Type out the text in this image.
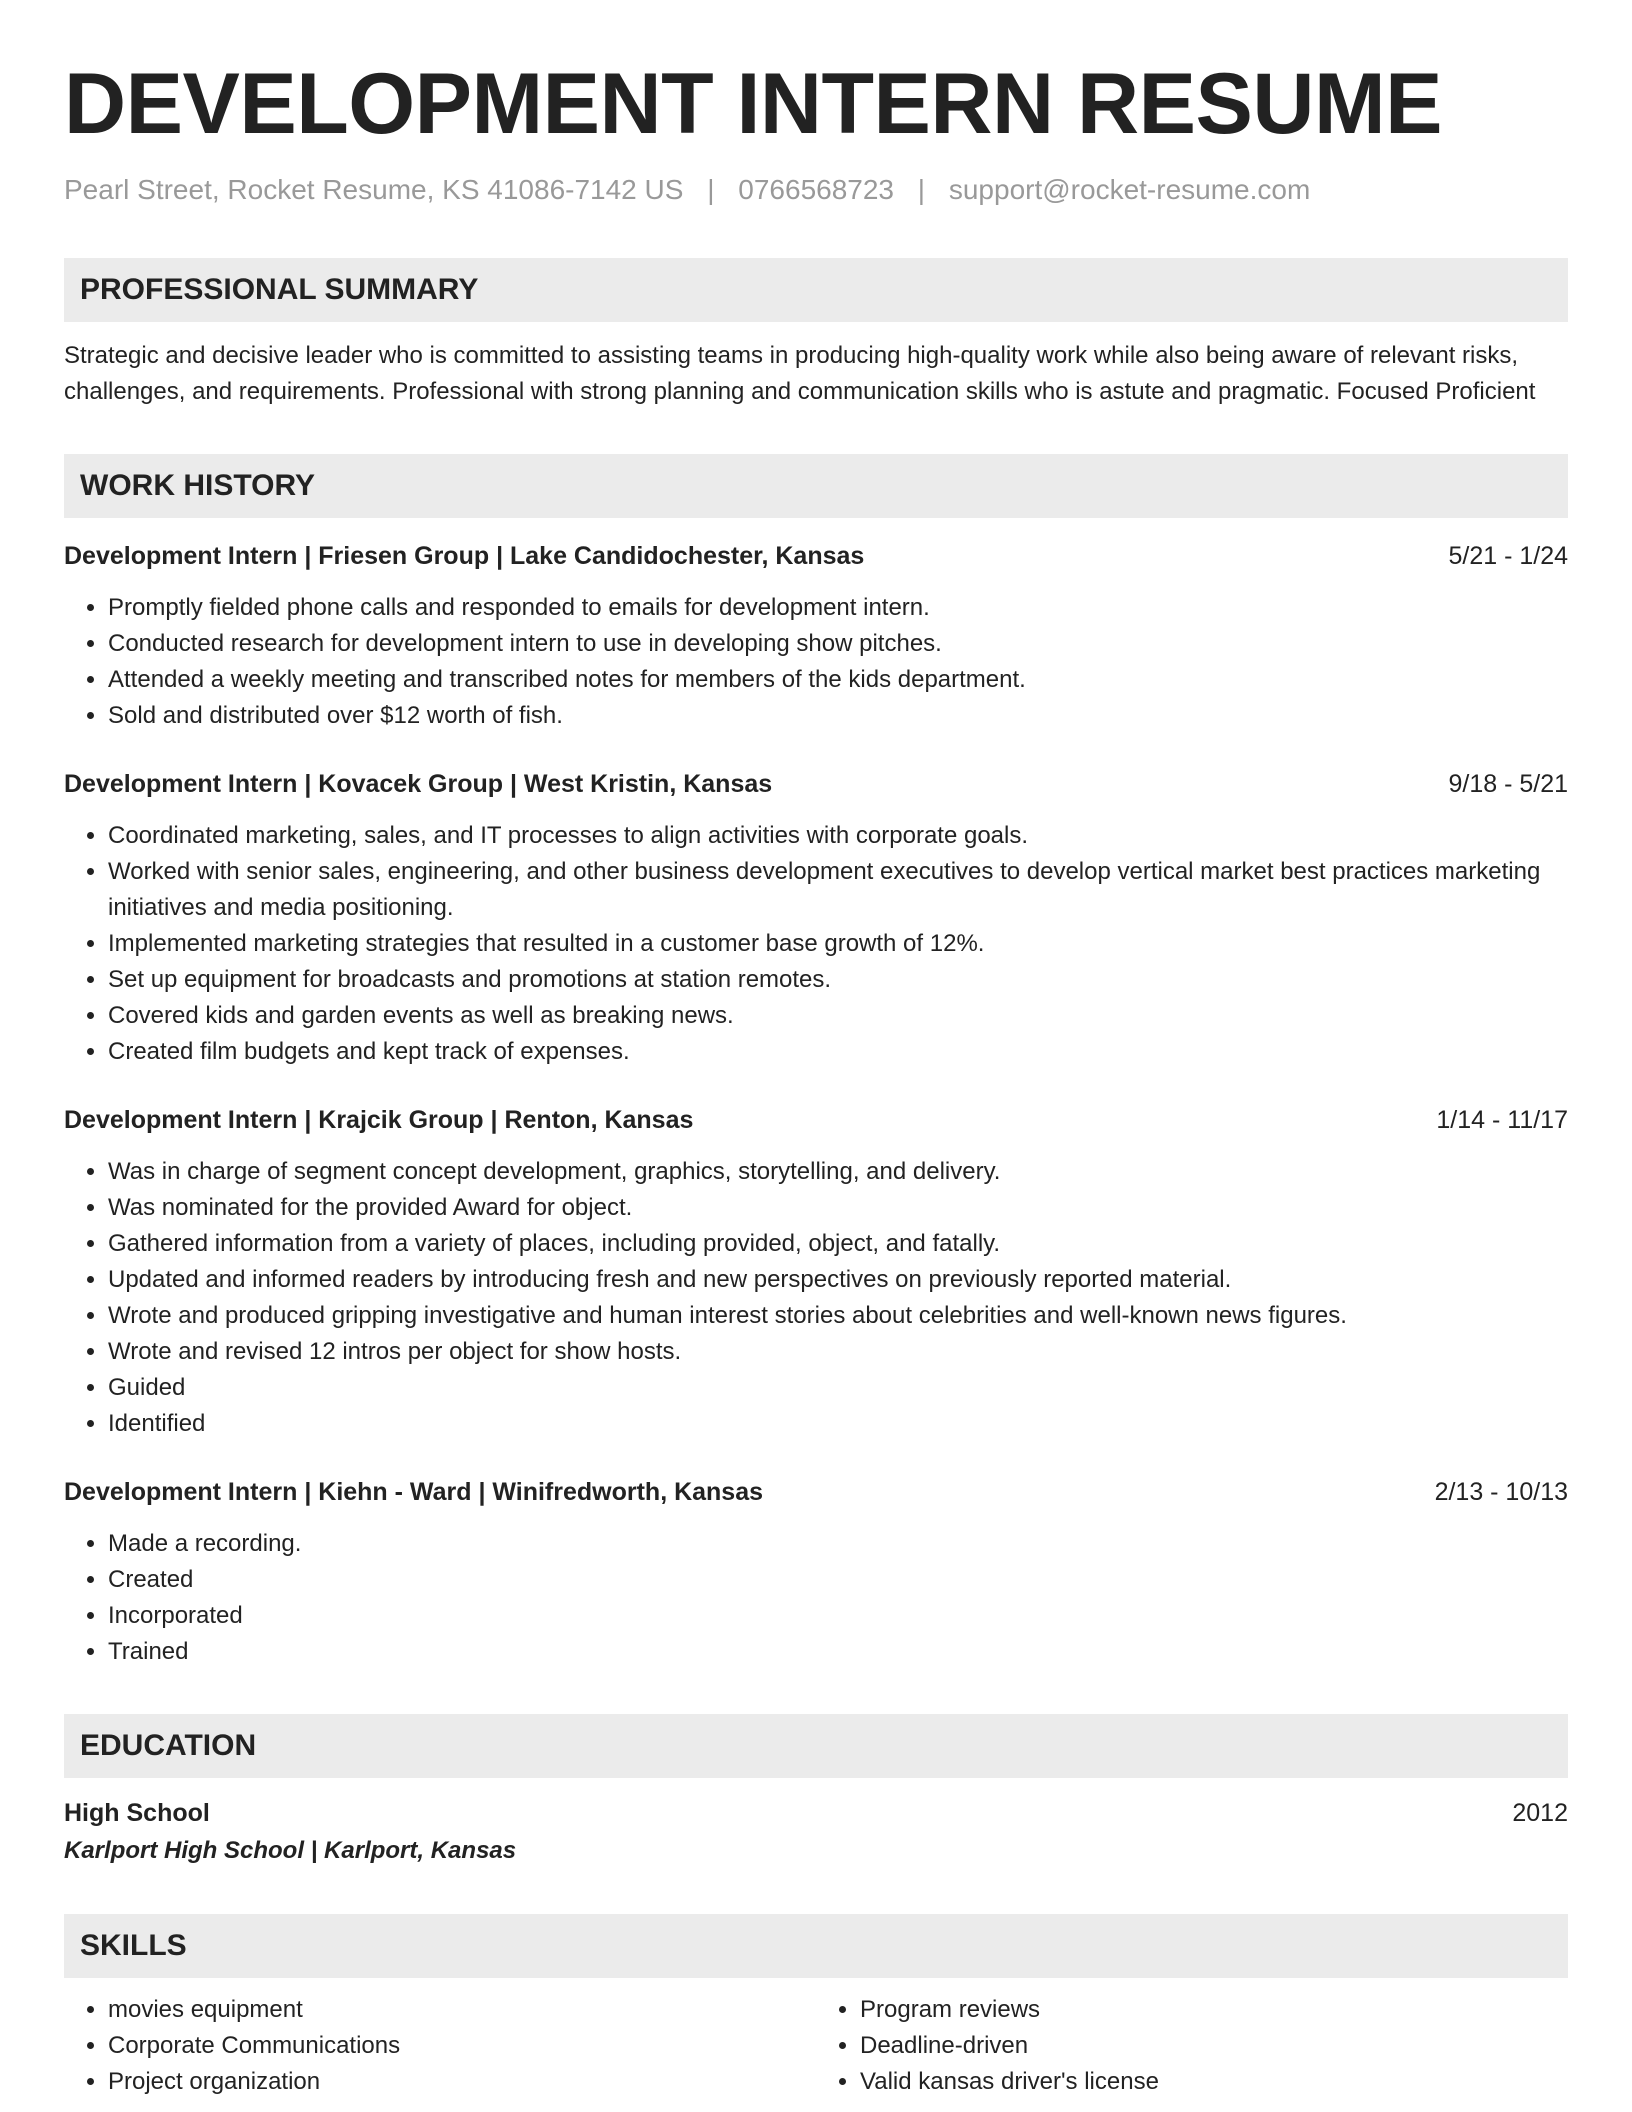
DEVELOPMENT INTERN RESUME
Pearl Street, Rocket Resume, KS 41086-7142 US | 0766568723 | support@rocket-resume.com
PROFESSIONAL SUMMARY

Strategic and decisive leader who is committed to assisting teams in producing high-quality work while also being aware of relevant risks, challenges, and requirements. Professional with strong planning and communication skills who is astute and pragmatic. Focused Proficient

WORK HISTORY
Development Intern | Friesen Group | Lake Candidochester, Kansas	5/21 - 1/24
• Promptly fielded phone calls and responded to emails for development intern.
• Conducted research for development intern to use in developing show pitches.
• Attended a weekly meeting and transcribed notes for members of the kids department.
• Sold and distributed over $12 worth of fish.
Development Intern | Kovacek Group | West Kristin, Kansas	9/18 - 5/21
• Coordinated marketing, sales, and IT processes to align activities with corporate goals.
• Worked with senior sales, engineering, and other business development executives to develop vertical market best practices marketing initiatives and media positioning.
• Implemented marketing strategies that resulted in a customer base growth of 12%.
• Set up equipment for broadcasts and promotions at station remotes.
• Covered kids and garden events as well as breaking news.
• Created film budgets and kept track of expenses.
Development Intern | Krajcik Group | Renton, Kansas	1/14 - 11/17
• Was in charge of segment concept development, graphics, storytelling, and delivery.
• Was nominated for the provided Award for object.
• Gathered information from a variety of places, including provided, object, and fatally.
• Updated and informed readers by introducing fresh and new perspectives on previously reported material.
• Wrote and produced gripping investigative and human interest stories about celebrities and well-known news figures.
• Wrote and revised 12 intros per object for show hosts.
• Guided
• Identified
Development Intern | Kiehn - Ward | Winifredworth, Kansas	2/13 - 10/13
• Made a recording.
• Created
• Incorporated
• Trained
EDUCATION
High School	2012
Karlport High School | Karlport, Kansas
SKILLS
• movies equipment
• Corporate Communications
• Project organization
• Program reviews
• Deadline-driven
• Valid kansas driver's license
